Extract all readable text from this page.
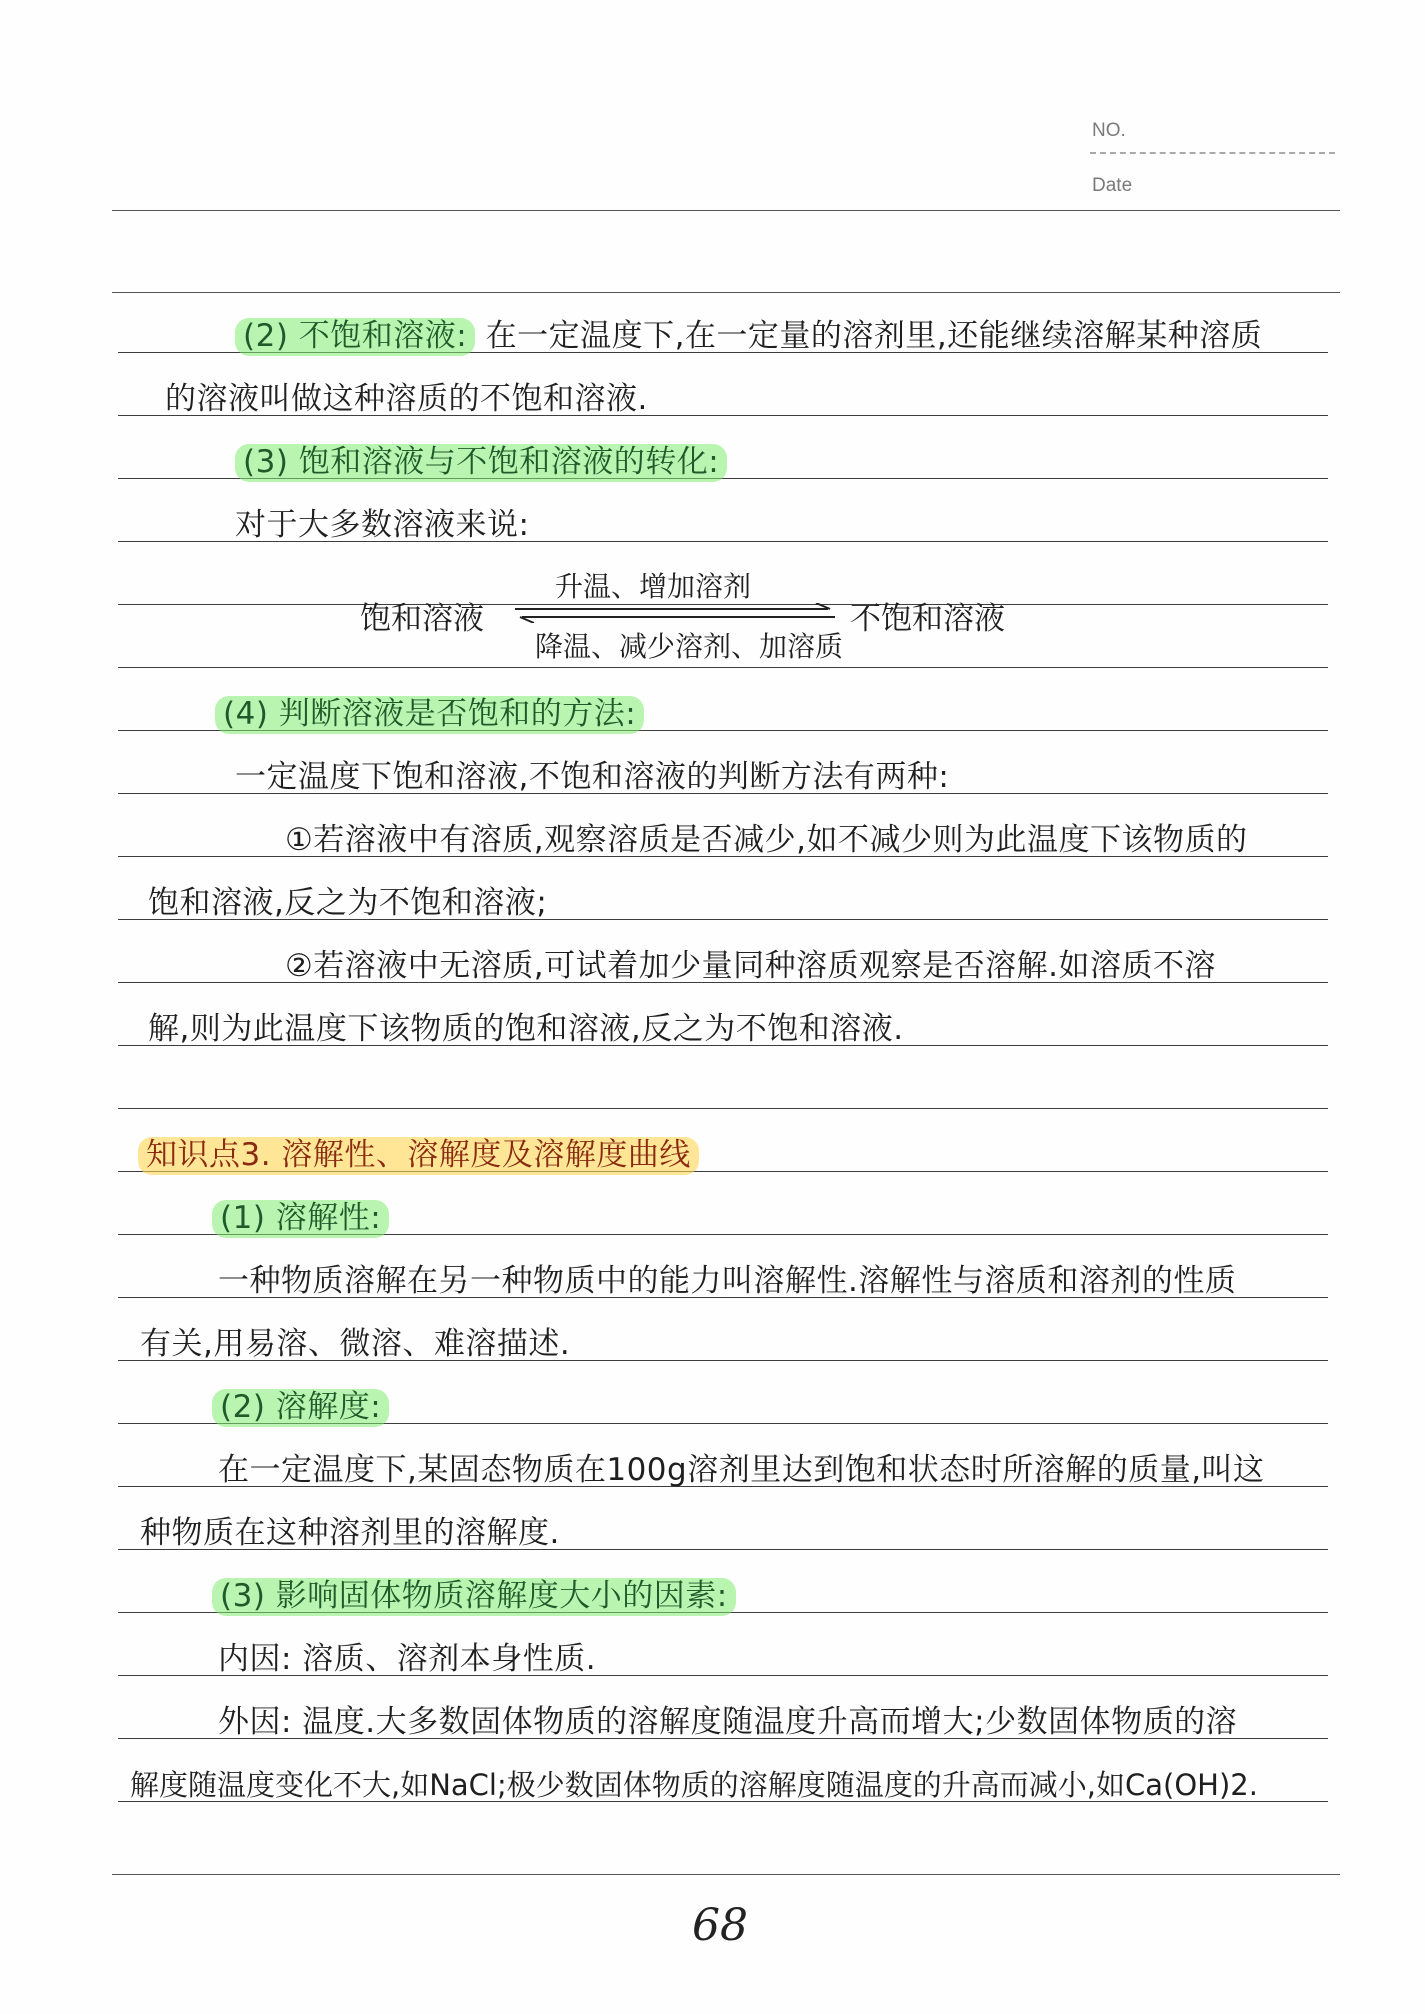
NO.
Date
(2) 不饱和溶液: 在一定温度下,在一定量的溶剂里,还能继续溶解某种溶质
的溶液叫做这种溶质的不饱和溶液.
(3) 饱和溶液与不饱和溶液的转化:
对于大多数溶液来说:
饱和溶液
升温、增加溶剂
不饱和溶液
降温、减少溶剂、加溶质
(4) 判断溶液是否饱和的方法:
一定温度下饱和溶液,不饱和溶液的判断方法有两种:
①若溶液中有溶质,观察溶质是否减少,如不减少则为此温度下该物质的
饱和溶液,反之为不饱和溶液;
②若溶液中无溶质,可试着加少量同种溶质观察是否溶解.如溶质不溶
解,则为此温度下该物质的饱和溶液,反之为不饱和溶液.
知识点3. 溶解性、溶解度及溶解度曲线
(1) 溶解性:
一种物质溶解在另一种物质中的能力叫溶解性.溶解性与溶质和溶剂的性质
有关,用易溶、微溶、难溶描述.
(2) 溶解度:
在一定温度下,某固态物质在100g溶剂里达到饱和状态时所溶解的质量,叫这
种物质在这种溶剂里的溶解度.
(3) 影响固体物质溶解度大小的因素:
内因: 溶质、溶剂本身性质.
外因: 温度.大多数固体物质的溶解度随温度升高而增大;少数固体物质的溶
解度随温度变化不大,如NaCl;极少数固体物质的溶解度随温度的升高而减小,如Ca(OH)2.
68
